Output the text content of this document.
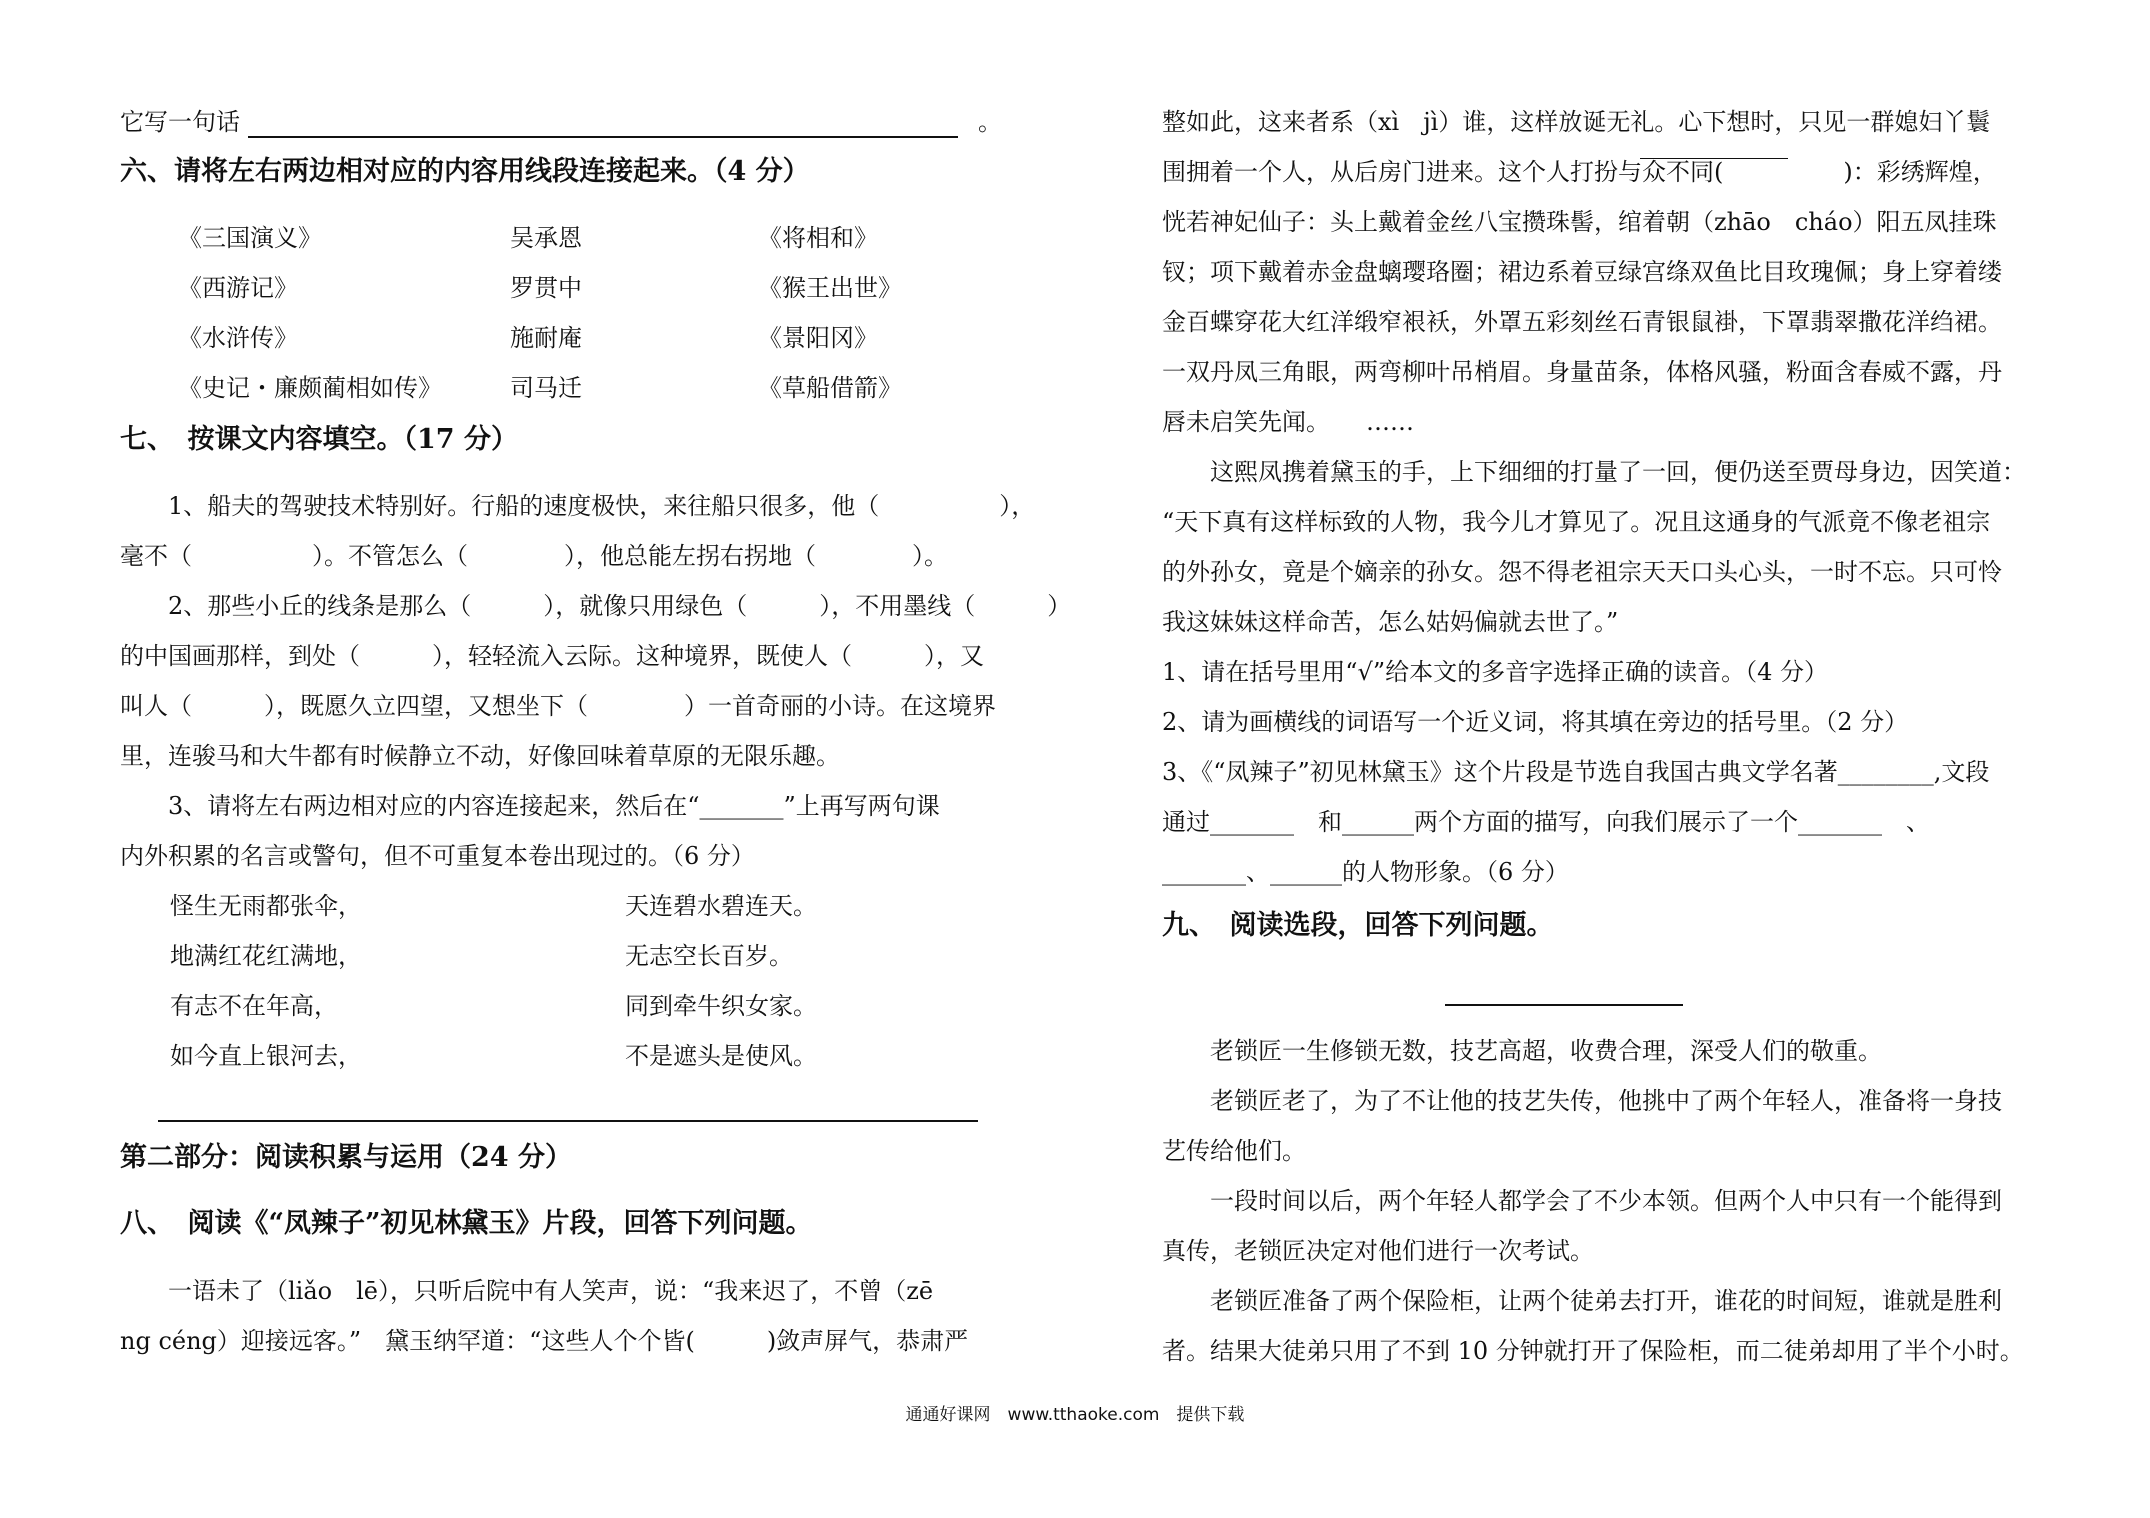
它写一句话	。
六、请将左右两边相对应的内容用线段连接起来。（4 分）
《三国演义》
《西游记》
《水浒传》
《史记・廉颇蔺相如传》
吴承恩
罗贯中
施耐庵
司马迁
《将相和》
《猴王出世》
《景阳冈》
《草船借箭》
七、　按课文内容填空。（17 分）
　　1、船夫的驾驶技术特别好。行船的速度极快，来往船只很多，他（　　　　　），
毫不（　　　　　）。不管怎么（　　　　），他总能左拐右拐地（　　　　）。
　　2、那些小丘的线条是那么（　　　），就像只用绿色（　　　），不用墨线（　　　）
的中国画那样，到处（　　　），轻轻流入云际。这种境界，既使人（　　　），又
叫人（　　　），既愿久立四望，又想坐下（　　　　）一首奇丽的小诗。在这境界
里，连骏马和大牛都有时候静立不动，好像回味着草原的无限乐趣。
　　3、请将左右两边相对应的内容连接起来，然后在“_______”上再写两句课
内外积累的名言或警句，但不可重复本卷出现过的。（6 分）
怪生无雨都张伞，
地满红花红满地，
有志不在年高，
如今直上银河去，
天连碧水碧连天。
无志空长百岁。
同到牵牛织女家。
不是遮头是使风。
第二部分：阅读积累与运用（24 分）
八、　阅读《“凤辣子”初见林黛玉》片段，回答下列问题。
　　一语未了（liǎo　lē），只听后院中有人笑声，说：“我来迟了，不曾（zē
ng céng）迎接远客。”　黛玉纳罕道：“这些人个个皆(　　　)敛声屏气，恭肃严
整如此，这来者系（xì　jì）谁，这样放诞无礼。心下想时，只见一群媳妇丫鬟
围拥着一个人，从后房门进来。这个人打扮与众不同(　　　　　)：彩绣辉煌，
恍若神妃仙子：头上戴着金丝八宝攒珠髻，绾着朝（zhāo　cháo）阳五凤挂珠
钗；项下戴着赤金盘螭璎珞圈；裙边系着豆绿宫绦双鱼比目玫瑰佩；身上穿着缕
金百蝶穿花大红洋缎窄裉袄，外罩五彩刻丝石青银鼠褂，下罩翡翠撒花洋绉裙。
一双丹凤三角眼，两弯柳叶吊梢眉。身量苗条，体格风骚，粉面含春威不露，丹
唇未启笑先闻。　　……
　　这熙凤携着黛玉的手，上下细细的打量了一回，便仍送至贾母身边，因笑道：
“天下真有这样标致的人物，我今儿才算见了。况且这通身的气派竟不像老祖宗
的外孙女，竟是个嫡亲的孙女。怨不得老祖宗天天口头心头，一时不忘。只可怜
我这妹妹这样命苦，怎么姑妈偏就去世了。”
1、请在括号里用“√”给本文的多音字选择正确的读音。（4 分）
2、请为画横线的词语写一个近义词，将其填在旁边的括号里。（2 分）
3、《“凤辣子”初见林黛玉》这个片段是节选自我国古典文学名著________,文段
通过_______　和______两个方面的描写，向我们展示了一个_______　、
_______、______的人物形象。（6 分）
九、　阅读选段，回答下列问题。
　　老锁匠一生修锁无数，技艺高超，收费合理，深受人们的敬重。
　　老锁匠老了，为了不让他的技艺失传，他挑中了两个年轻人，准备将一身技
艺传给他们。
　　一段时间以后，两个年轻人都学会了不少本领。但两个人中只有一个能得到
真传，老锁匠决定对他们进行一次考试。
　　老锁匠准备了两个保险柜，让两个徒弟去打开，谁花的时间短，谁就是胜利
者。结果大徒弟只用了不到 10 分钟就打开了保险柜，而二徒弟却用了半个小时。
通通好课网　www.tthaoke.com　提供下载
